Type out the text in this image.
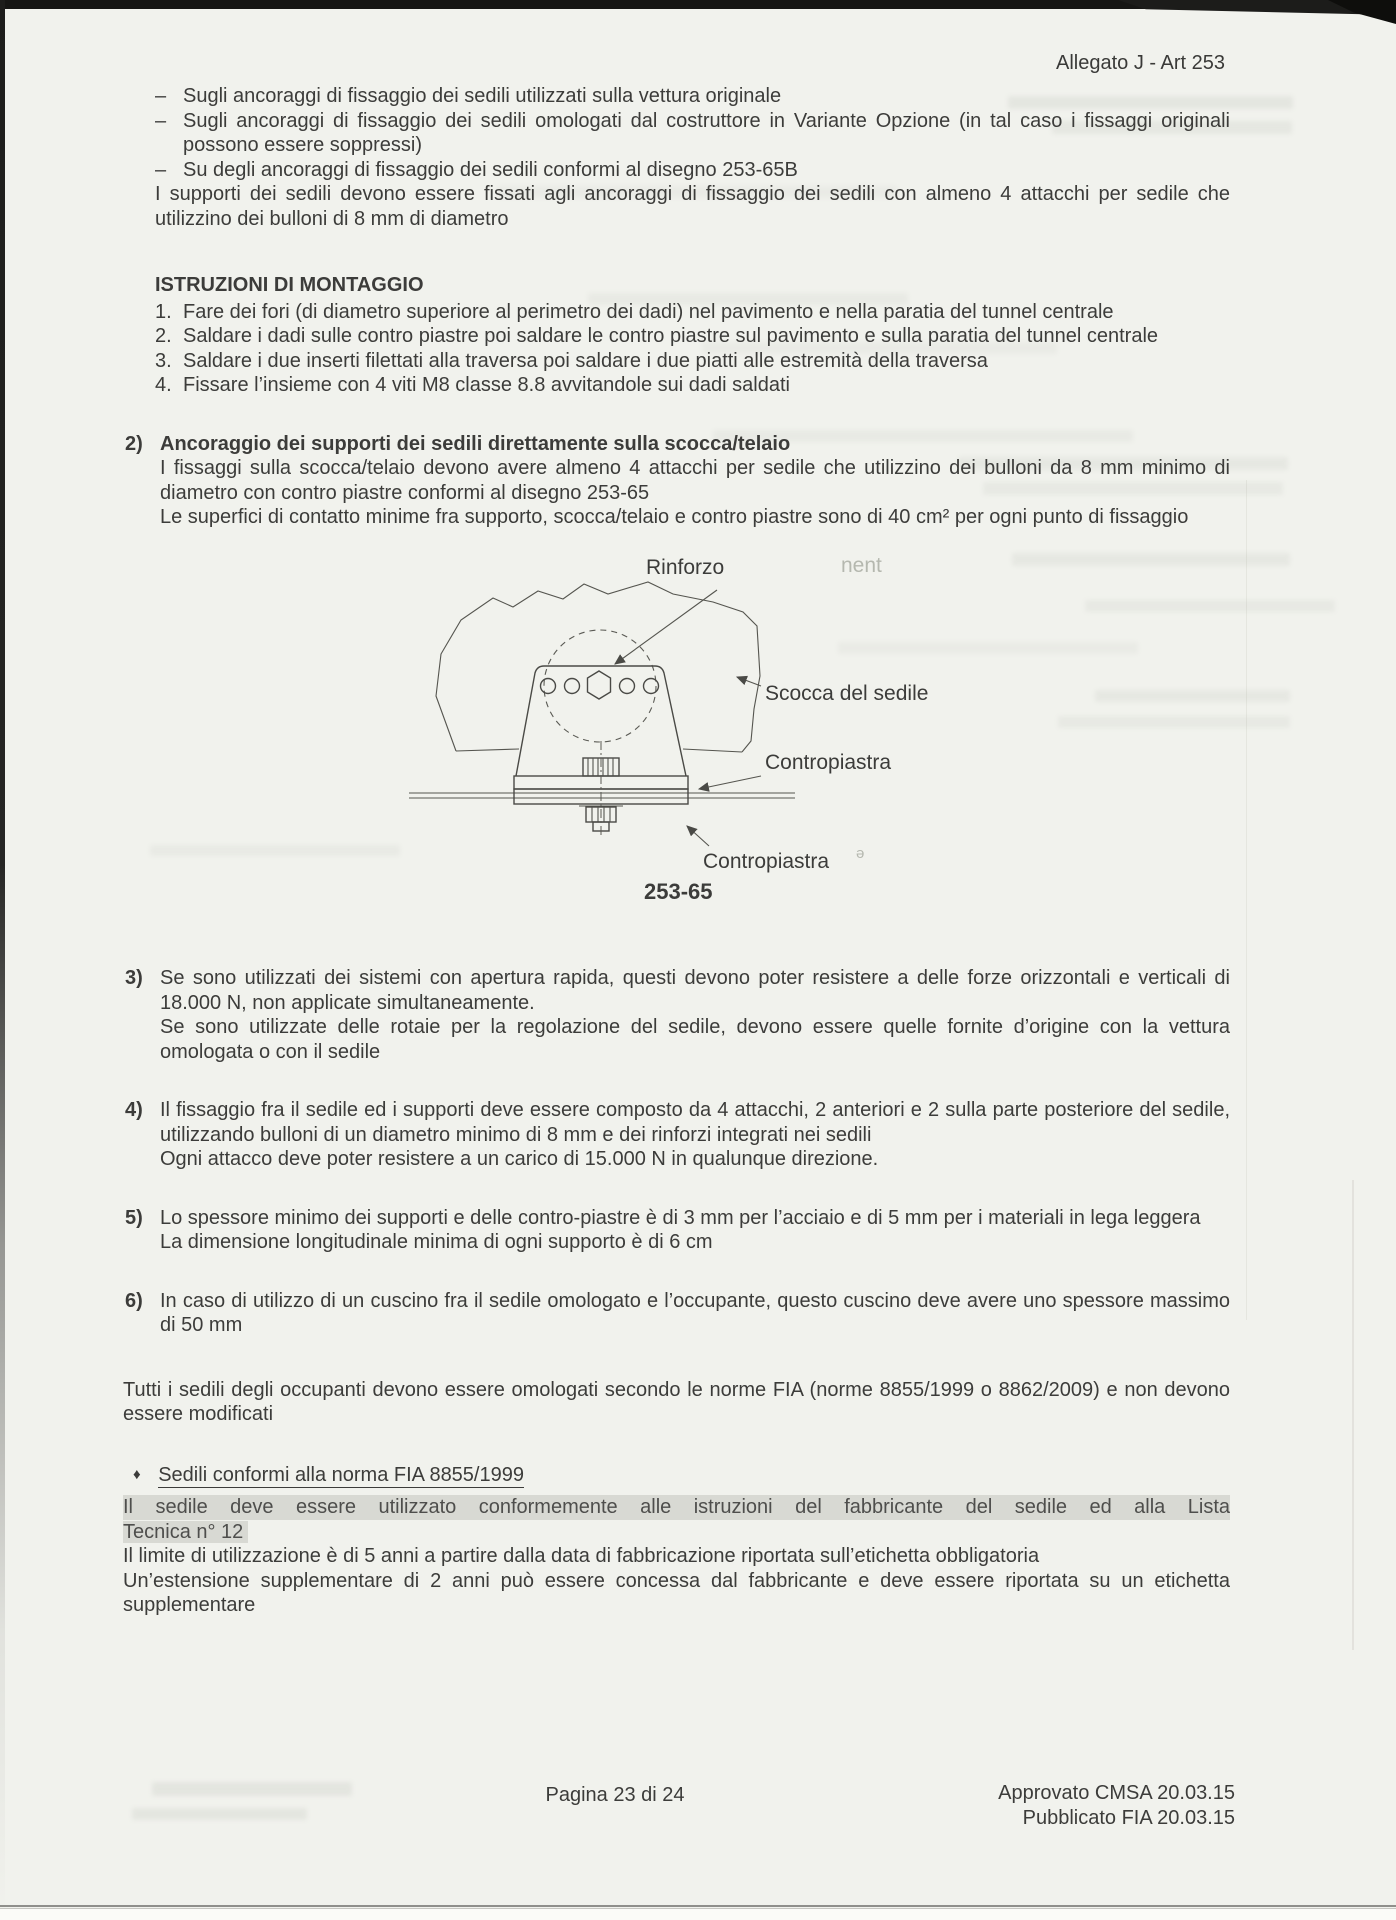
Allegato J - Art 253
– Sugli ancoraggi di fissaggio dei sedili utilizzati sulla vettura originale
– Sugli ancoraggi di fissaggio dei sedili omologati dal costruttore in Variante Opzione (in tal caso i fissaggi originali possono essere soppressi)
– Su degli ancoraggi di fissaggio dei sedili conformi al disegno 253-65B
I supporti dei sedili devono essere fissati agli ancoraggi di fissaggio dei sedili con almeno 4 attacchi per sedile che utilizzino dei bulloni di 8 mm di diametro
ISTRUZIONI DI MONTAGGIO
1. Fare dei fori (di diametro superiore al perimetro dei dadi) nel pavimento e nella paratia del tunnel centrale
2. Saldare i dadi sulle contro piastre poi saldare le contro piastre sul pavimento e sulla paratia del tunnel centrale
3. Saldare i due inserti filettati alla traversa poi saldare i due piatti alle estremità della traversa
4. Fissare l’insieme con 4 viti M8 classe 8.8 avvitandole sui dadi saldati
2) Ancoraggio dei supporti dei sedili direttamente sulla scocca/telaio
I fissaggi sulla scocca/telaio devono avere almeno 4 attacchi per sedile che utilizzino dei bulloni da 8 mm minimo di diametro con contro piastre conformi al disegno 253-65
Le superfici di contatto minime fra supporto, scocca/telaio e contro piastre sono di 40 cm² per ogni punto di fissaggio
Rinforzo	nent
Scocca del sedile
Contropiastra
Contropiastra ə
253-65
3) Se sono utilizzati dei sistemi con apertura rapida, questi devono poter resistere a delle forze orizzontali e verticali di 18.000 N, non applicate simultaneamente.
Se sono utilizzate delle rotaie per la regolazione del sedile, devono essere quelle fornite d’origine con la vettura omologata o con il sedile
4) Il fissaggio fra il sedile ed i supporti deve essere composto da 4 attacchi, 2 anteriori e 2 sulla parte posteriore del sedile, utilizzando bulloni di un diametro minimo di 8 mm e dei rinforzi integrati nei sedili
Ogni attacco deve poter resistere a un carico di 15.000 N in qualunque direzione.
5) Lo spessore minimo dei supporti e delle contro-piastre è di 3 mm per l’acciaio e di 5 mm per i materiali in lega leggera
La dimensione longitudinale minima di ogni supporto è di 6 cm
6) In caso di utilizzo di un cuscino fra il sedile omologato e l’occupante, questo cuscino deve avere uno spessore massimo di 50 mm
Tutti i sedili degli occupanti devono essere omologati secondo le norme FIA (norme 8855/1999 o 8862/2009) e non devono essere modificati
♦ Sedili conformi alla norma FIA 8855/1999
Il sedile deve essere utilizzato conformemente alle istruzioni del fabbricante del sedile ed alla Lista
Tecnica n° 12
Il limite di utilizzazione è di 5 anni a partire dalla data di fabbricazione riportata sull’etichetta obbligatoria
Un’estensione supplementare di 2 anni può essere concessa dal fabbricante e deve essere riportata su un etichetta supplementare
Pagina 23 di 24	Approvato CMSA 20.03.15
Pubblicato FIA 20.03.15
